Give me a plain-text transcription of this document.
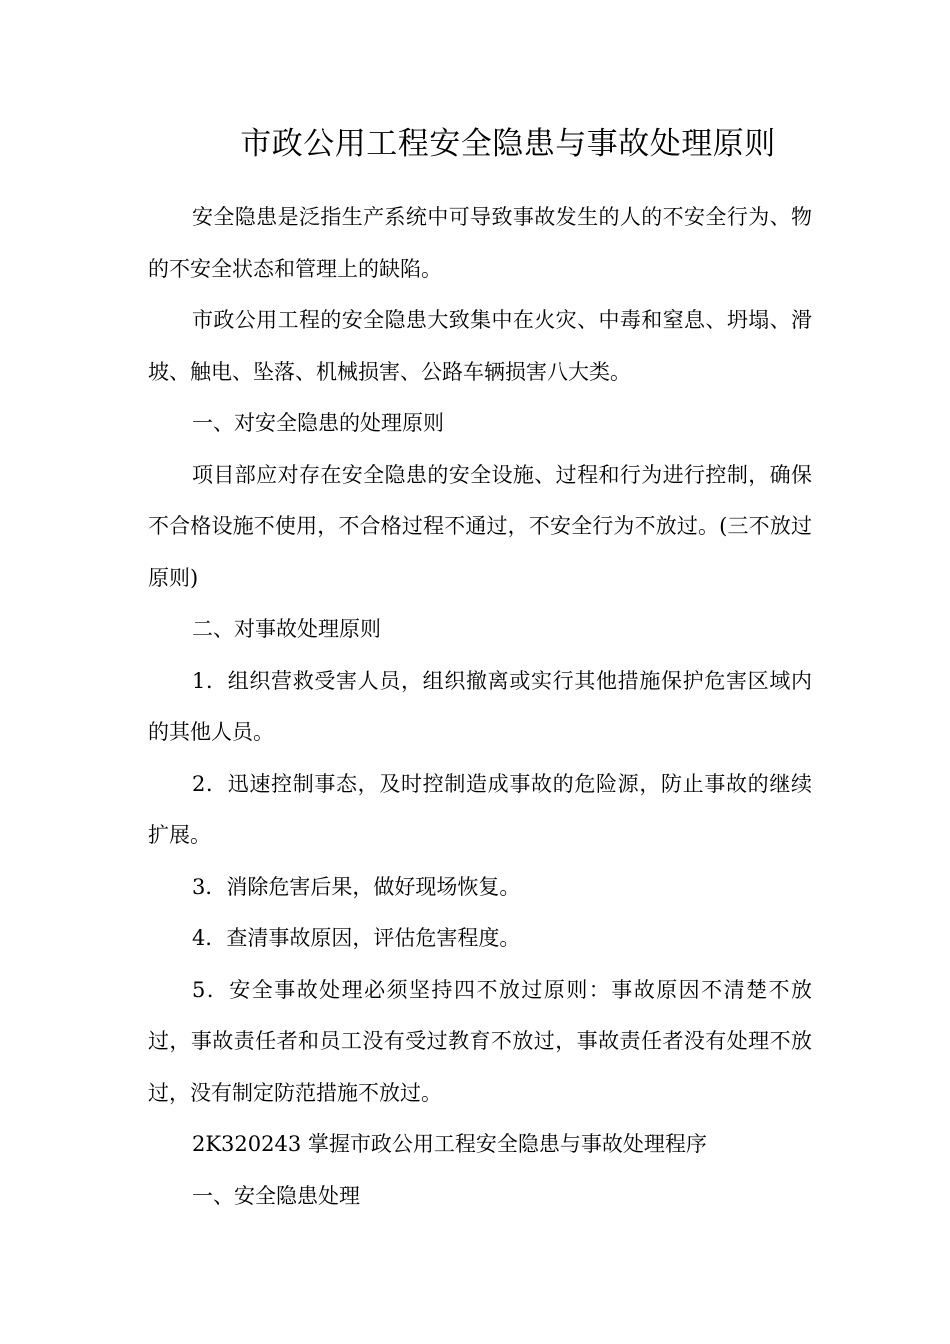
市政公用工程安全隐患与事故处理原则

安全隐患是泛指生产系统中可导致事故发生的人的不安全行为、物的不安全状态和管理上的缺陷。

市政公用工程的安全隐患大致集中在火灾、中毒和窒息、坍塌、滑坡、触电、坠落、机械损害、公路车辆损害八大类。

一、对安全隐患的处理原则

项目部应对存在安全隐患的安全设施、过程和行为进行控制，确保不合格设施不使用，不合格过程不通过，不安全行为不放过。(三不放过原则)

二、对事故处理原则

1．组织营救受害人员，组织撤离或实行其他措施保护危害区域内的其他人员。

2．迅速控制事态，及时控制造成事故的危险源，防止事故的继续扩展。

3．消除危害后果，做好现场恢复。

4．查清事故原因，评估危害程度。

5．安全事故处理必须坚持四不放过原则：事故原因不清楚不放过，事故责任者和员工没有受过教育不放过，事故责任者没有处理不放过，没有制定防范措施不放过。

2K320243 掌握市政公用工程安全隐患与事故处理程序

一、安全隐患处理
